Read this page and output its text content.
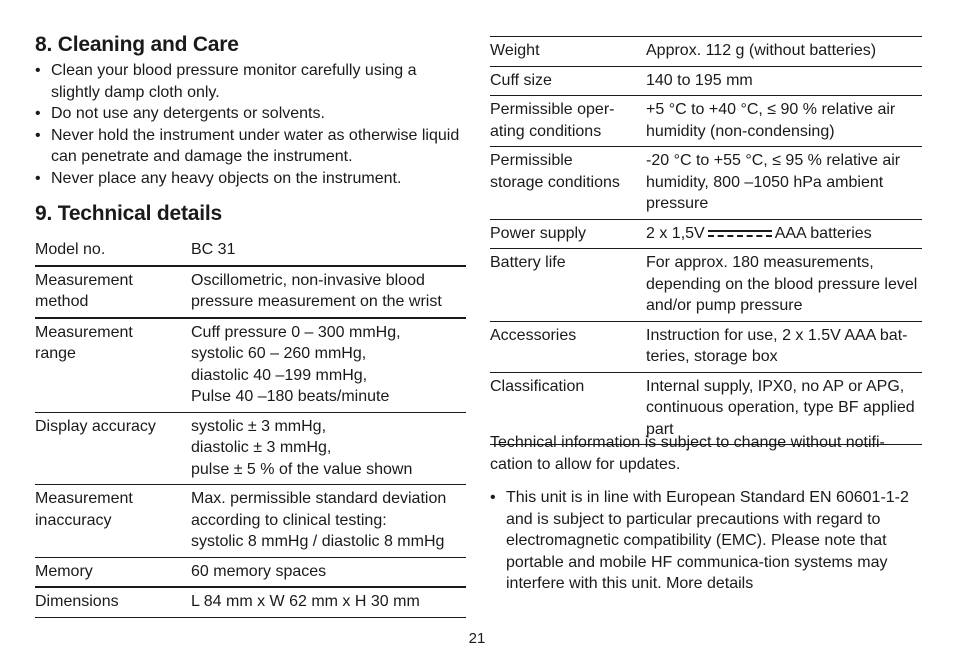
8. Cleaning and Care
• Clean your blood pressure monitor carefully using a slightly damp cloth only.
• Do not use any detergents or solvents.
• Never hold the instrument under water as otherwise liquid can penetrate and damage the instrument.
• Never place any heavy objects on the instrument.
9. Technical details
Model no.	BC 31
Measurement
method	Oscillometric, non-invasive blood pressure measurement on the wrist
Measurement
range	Cuff pressure 0 – 300 mmHg,
systolic 60 – 260 mmHg,
diastolic 40 –199 mmHg,
Pulse 40 –180 beats/minute
Display accuracy	systolic ± 3 mmHg,
diastolic ± 3 mmHg,
pulse ± 5 % of the value shown
Measurement
inaccuracy	Max. permissible standard deviation according to clinical testing:
systolic 8 mmHg / diastolic 8 mmHg
Memory	60 memory spaces
Dimensions	L 84 mm x W 62 mm x H 30 mm
Weight	Approx. 112 g (without batteries)
Cuff size	140 to 195 mm
Permissible oper-ating conditions	+5 °C to +40 °C, ≤ 90 % relative air humidity (non-condensing)
Permissible
storage conditions	-20 °C to +55 °C, ≤ 95 % relative air humidity, 800 –1050 hPa ambient pressure
Power supply	2 x 1,5V AAA batteries
Battery life	For approx. 180 measurements, depending on the blood pressure level and/or pump pressure
Accessories	Instruction for use, 2 x 1.5V AAA bat-teries, storage box
Classification	Internal supply, IPX0, no AP or APG, continuous operation, type BF applied part
Technical information is subject to change without notifi-cation to allow for updates.
• This unit is in line with European Standard EN 60601-1-2 and is subject to particular precautions with regard to electromagnetic compatibility (EMC). Please note that portable and mobile HF communica-tion systems may interfere with this unit. More details
21
